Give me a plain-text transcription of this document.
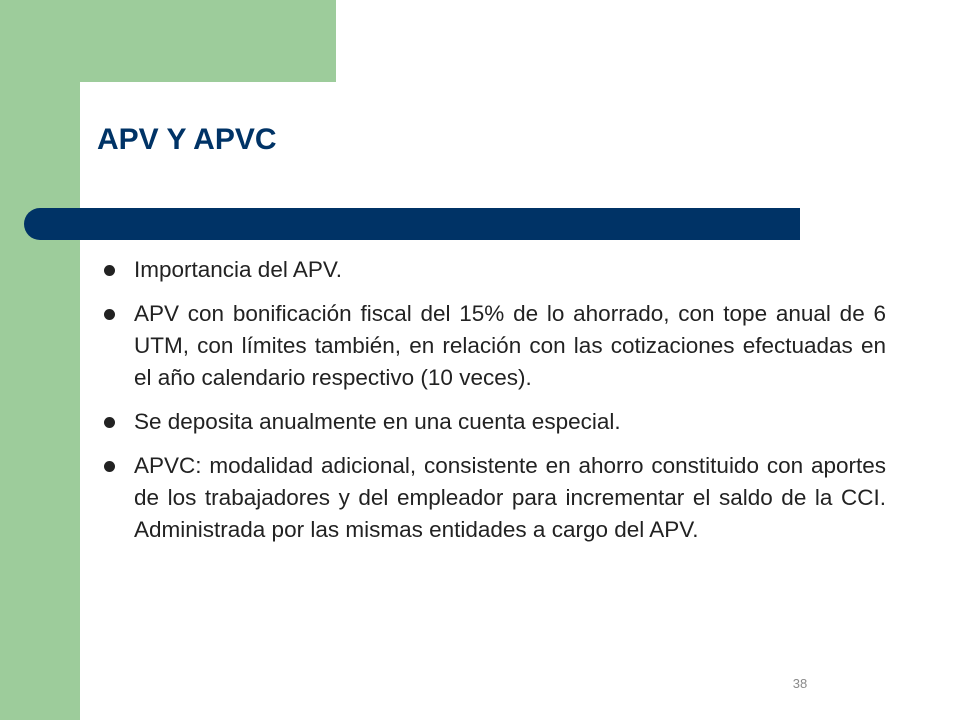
APV Y APVC
Importancia del APV.
APV con bonificación fiscal del 15% de lo ahorrado, con tope anual de 6 UTM, con límites también, en relación con las cotizaciones efectuadas en el año calendario respectivo (10 veces).
Se deposita anualmente en una cuenta especial.
APVC: modalidad adicional, consistente en ahorro constituido con aportes de los trabajadores y del empleador para incrementar el saldo de la CCI. Administrada por las mismas entidades a cargo del APV.
38
